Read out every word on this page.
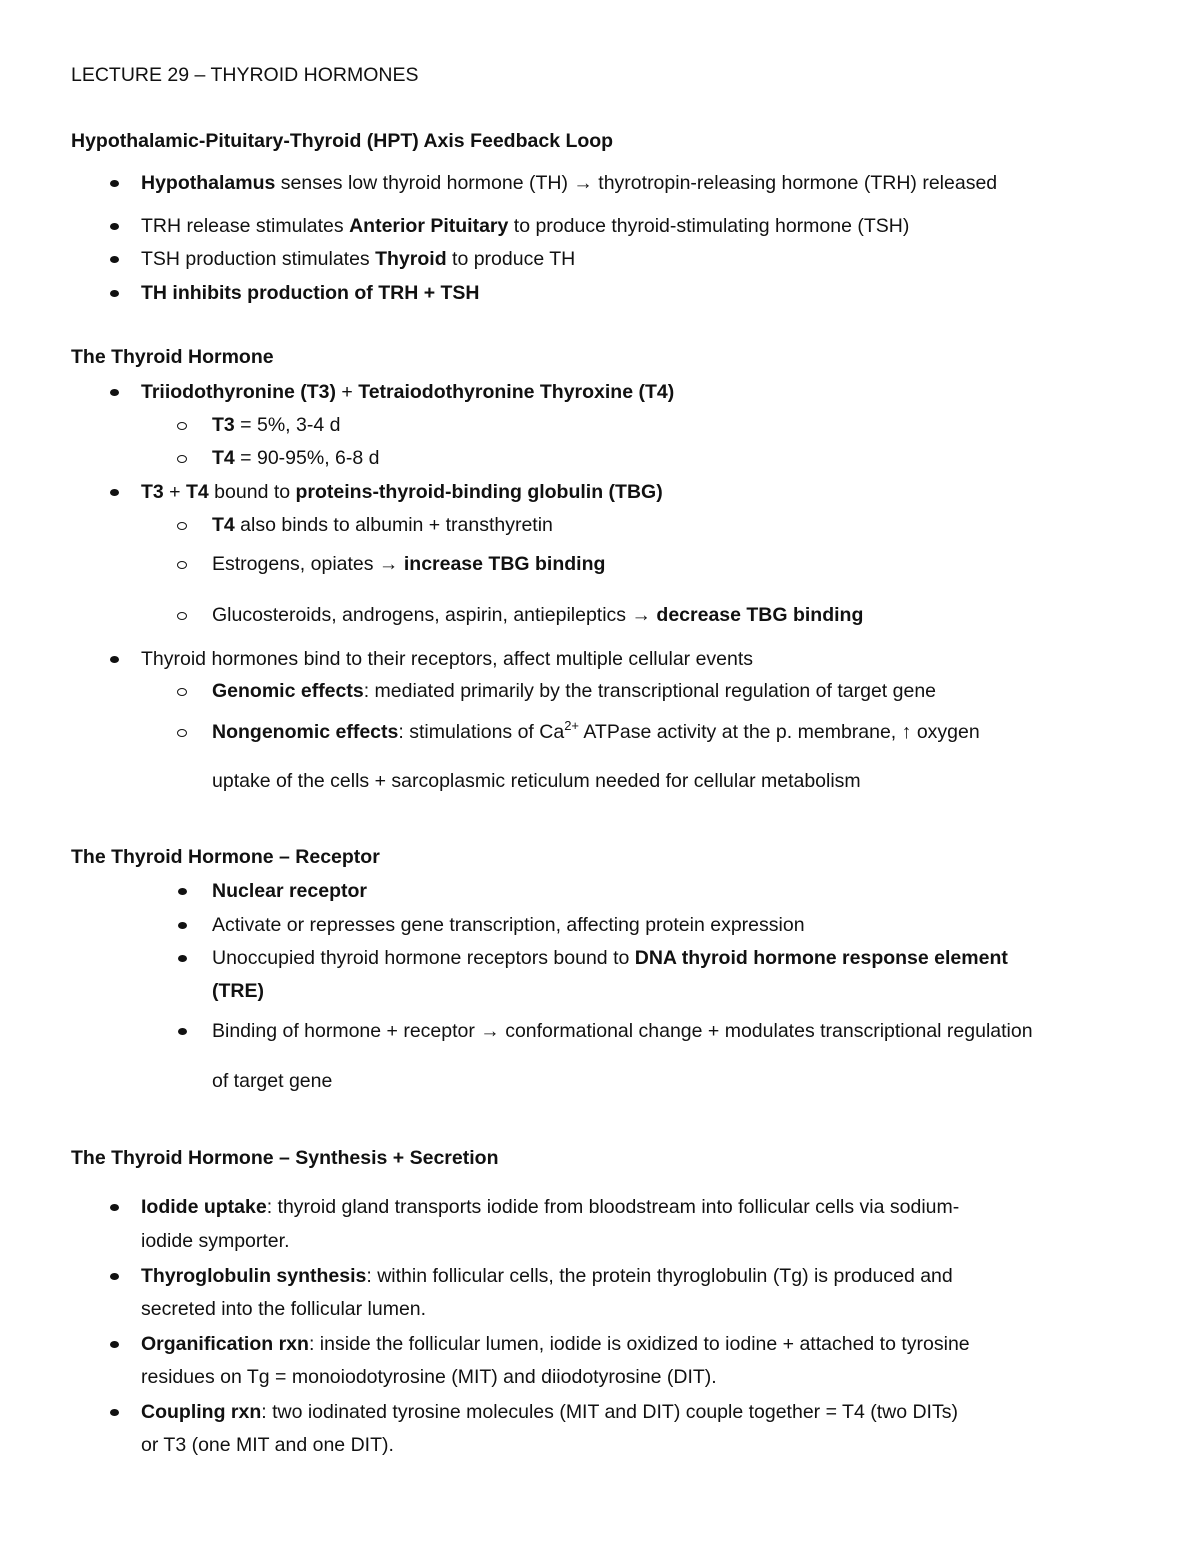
LECTURE 29 – THYROID HORMONES
Hypothalamic-Pituitary-Thyroid (HPT) Axis Feedback Loop
Hypothalamus senses low thyroid hormone (TH) → thyrotropin-releasing hormone (TRH) released
TRH release stimulates Anterior Pituitary to produce thyroid-stimulating hormone (TSH)
TSH production stimulates Thyroid to produce TH
TH inhibits production of TRH + TSH
The Thyroid Hormone
Triiodothyronine (T3) + Tetraiodothyronine Thyroxine (T4)
T3 = 5%, 3-4 d
T4 = 90-95%, 6-8 d
T3 + T4 bound to proteins-thyroid-binding globulin (TBG)
T4 also binds to albumin + transthyretin
Estrogens, opiates → increase TBG binding
Glucosteroids, androgens, aspirin, antiepileptics → decrease TBG binding
Thyroid hormones bind to their receptors, affect multiple cellular events
Genomic effects: mediated primarily by the transcriptional regulation of target gene
Nongenomic effects: stimulations of $Ca^{2+}$ ATPase activity at the p. membrane, ↑ oxygen
uptake of the cells + sarcoplasmic reticulum needed for cellular metabolism
The Thyroid Hormone – Receptor
Nuclear receptor
Activate or represses gene transcription, affecting protein expression
Unoccupied thyroid hormone receptors bound to DNA thyroid hormone response element
(TRE)
Binding of hormone + receptor → conformational change + modulates transcriptional regulation
of target gene
The Thyroid Hormone – Synthesis + Secretion
Iodide uptake: thyroid gland transports iodide from bloodstream into follicular cells via sodium-
iodide symporter.
Thyroglobulin synthesis: within follicular cells, the protein thyroglobulin (Tg) is produced and
secreted into the follicular lumen.
Organification rxn: inside the follicular lumen, iodide is oxidized to iodine + attached to tyrosine
residues on Tg = monoiodotyrosine (MIT) and diiodotyrosine (DIT).
Coupling rxn: two iodinated tyrosine molecules (MIT and DIT) couple together = T4 (two DITs)
or T3 (one MIT and one DIT).
